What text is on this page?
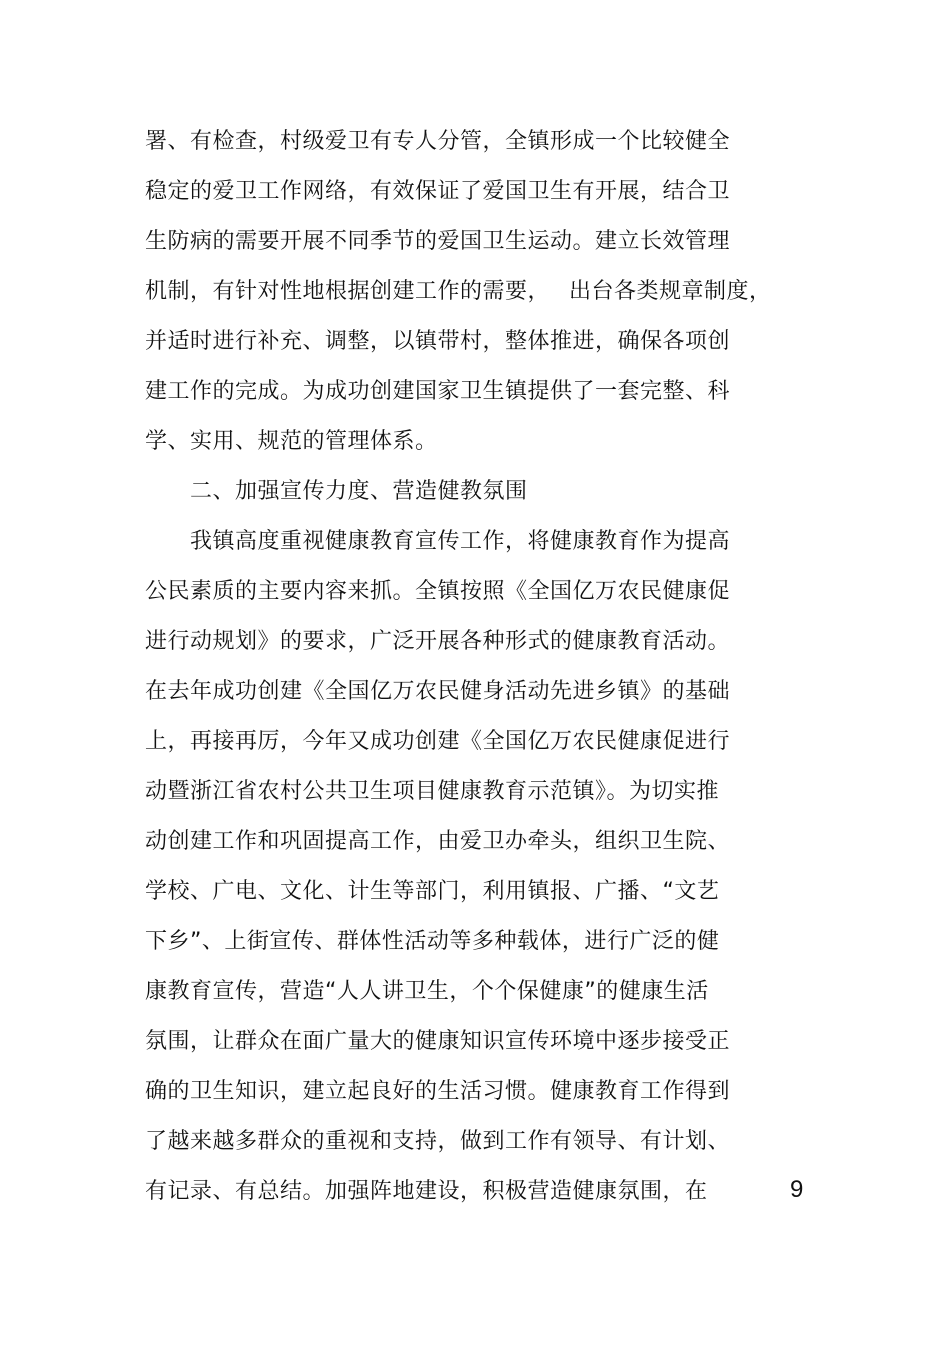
署、有检查，村级爱卫有专人分管，全镇形成一个比较健全
稳定的爱卫工作网络，有效保证了爱国卫生有开展，结合卫
生防病的需要开展不同季节的爱国卫生运动。建立长效管理
机制，有针对性地根据创建工作的需要，　 出台各类规章制度，
并适时进行补充、调整，以镇带村，整体推进，确保各项创
建工作的完成。为成功创建国家卫生镇提供了一套完整、科
学、实用、规范的管理体系。
　　二、加强宣传力度、营造健教氛围
　　我镇高度重视健康教育宣传工作，将健康教育作为提高
公民素质的主要内容来抓。全镇按照《全国亿万农民健康促
进行动规划》的要求，广泛开展各种形式的健康教育活动。
在去年成功创建《全国亿万农民健身活动先进乡镇》的基础
上，再接再厉，今年又成功创建《全国亿万农民健康促进行
动暨浙江省农村公共卫生项目健康教育示范镇》。为切实推
动创建工作和巩固提高工作，由爱卫办牵头，组织卫生院、
学校、广电、文化、计生等部门，利用镇报、广播、“文艺
下乡”、上街宣传、群体性活动等多种载体，进行广泛的健
康教育宣传，营造“人人讲卫生，个个保健康”的健康生活
氛围，让群众在面广量大的健康知识宣传环境中逐步接受正
确的卫生知识，建立起良好的生活习惯。健康教育工作得到
了越来越多群众的重视和支持，做到工作有领导、有计划、
有记录、有总结。加强阵地建设，积极营造健康氛围，在	9
